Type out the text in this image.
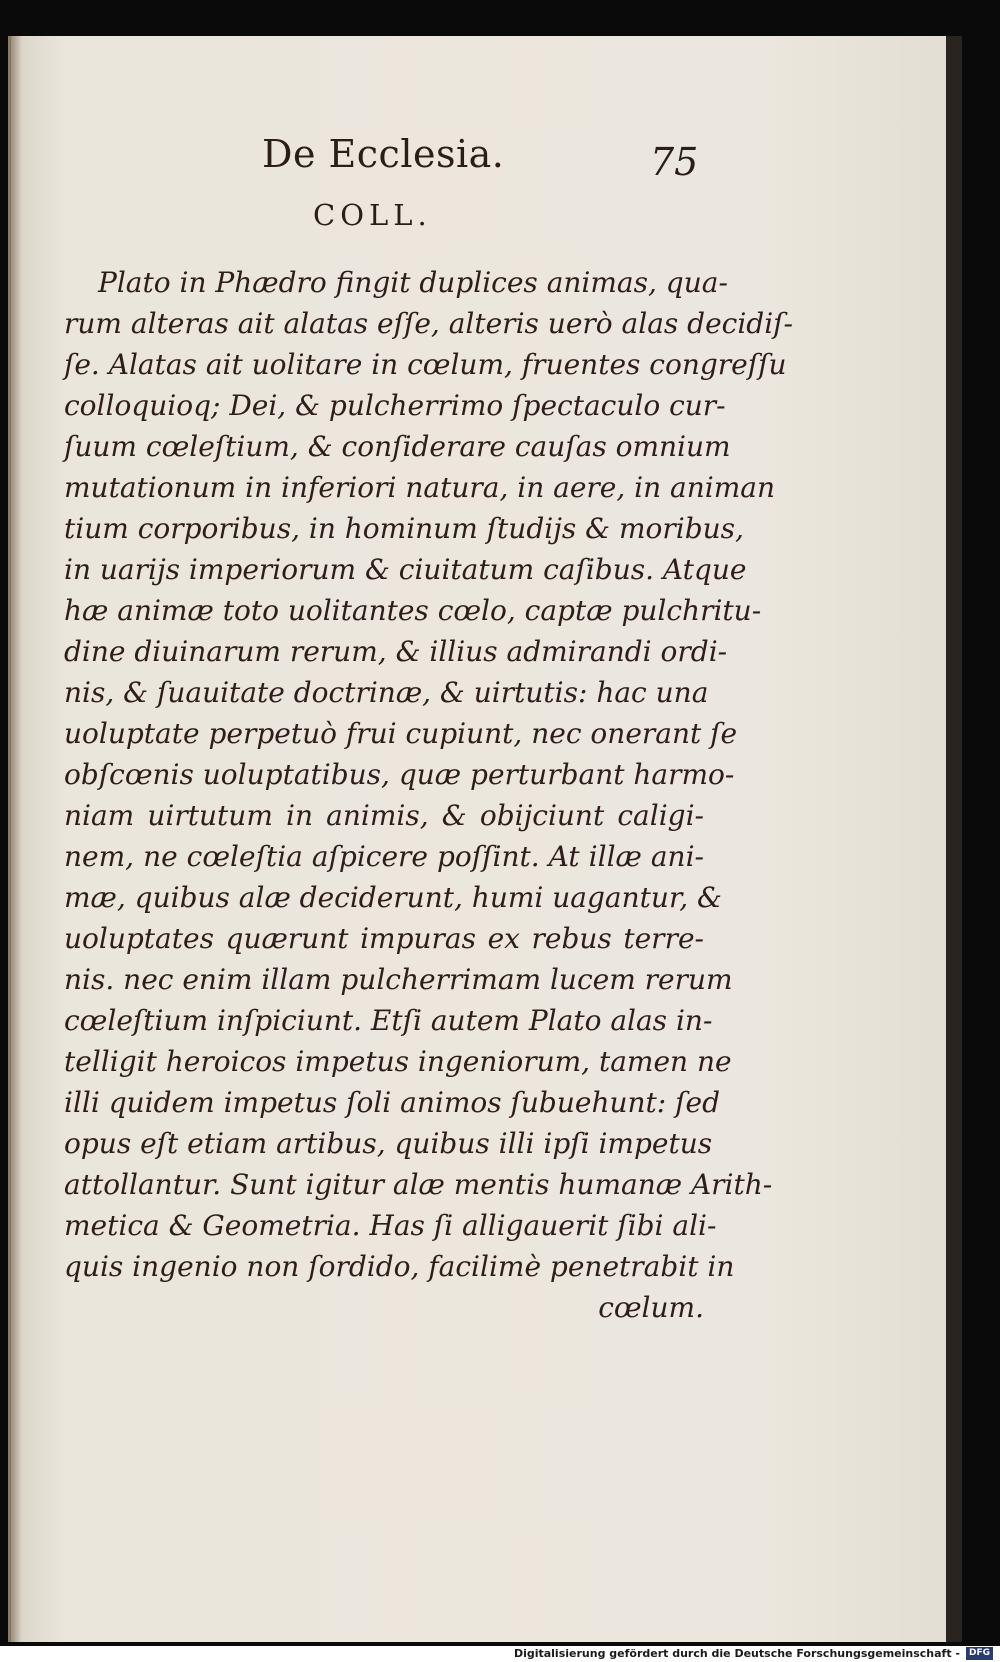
De Ecclesia.	75
COLL.
Plato in Phædro fingit duplices animas, qua-
rum alteras ait alatas eſſe, alteris uerò alas decidiſ-
ſe. Alatas ait uolitare in cœlum, fruentes congreſſu
colloquioq; Dei, & pulcherrimo ſpectaculo cur-
ſuum cœleſtium, & conſiderare cauſas omnium
mutationum in inferiori natura, in aere, in animan
tium corporibus, in hominum ſtudijs & moribus,
in uarijs imperiorum & ciuitatum caſibus. Atque
hæ animæ toto uolitantes cœlo, captæ pulchritu-
dine diuinarum rerum, & illius admirandi ordi-
nis, & ſuauitate doctrinæ, & uirtutis: hac una
uoluptate perpetuò frui cupiunt, nec onerant ſe
obſcœnis uoluptatibus, quæ perturbant harmo-
niam uirtutum in animis, & obijciunt caligi-
nem, ne cœleſtia aſpicere poſſint. At illæ ani-
mæ, quibus alæ deciderunt, humi uagantur, &
uoluptates quærunt impuras ex rebus terre-
nis. nec enim illam pulcherrimam lucem rerum
cœleſtium inſpiciunt. Etſi autem Plato alas in-
telligit heroicos impetus ingeniorum, tamen ne
illi quidem impetus ſoli animos ſubuehunt: ſed
opus eſt etiam artibus, quibus illi ipſi impetus
attollantur. Sunt igitur alæ mentis humanæ Arith-
metica & Geometria. Has ſi alligauerit ſibi ali-
quis ingenio non ſordido, facilimè penetrabit in
cœlum.
Digitalisierung gefördert durch die Deutsche Forschungsgemeinschaft - DFG
